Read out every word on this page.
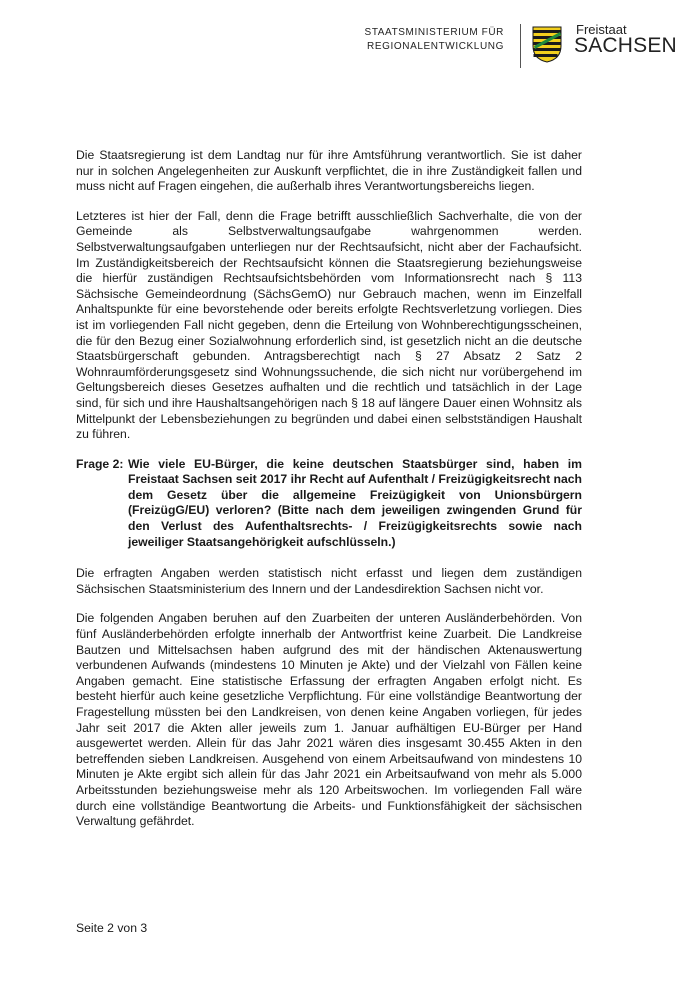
STAATSMINISTERIUM FÜR
REGIONALENTWICKLUNG
Freistaat
SACHSEN

Die Staatsregierung ist dem Landtag nur für ihre Amtsführung verantwortlich. Sie ist daher nur in solchen Angelegenheiten zur Auskunft verpflichtet, die in ihre Zuständigkeit fallen und muss nicht auf Fragen eingehen, die außerhalb ihres Verantwortungsbereichs liegen.

Letzteres ist hier der Fall, denn die Frage betrifft ausschließlich Sachverhalte, die von der Gemeinde als Selbstverwaltungsaufgabe wahrgenommen werden. Selbstverwaltungsaufgaben unterliegen nur der Rechtsaufsicht, nicht aber der Fachaufsicht. Im Zuständigkeitsbereich der Rechtsaufsicht können die Staatsregierung beziehungsweise die hierfür zuständigen Rechtsaufsichtsbehörden vom Informationsrecht nach § 113 Sächsische Gemeindeordnung (SächsGemO) nur Gebrauch machen, wenn im Einzelfall Anhaltspunkte für eine bevorstehende oder bereits erfolgte Rechtsverletzung vorliegen. Dies ist im vorliegenden Fall nicht gegeben, denn die Erteilung von Wohnberechtigungsscheinen, die für den Bezug einer Sozialwohnung erforderlich sind, ist gesetzlich nicht an die deutsche Staatsbürgerschaft gebunden. Antragsberechtigt nach § 27 Absatz 2 Satz 2 Wohnraumförderungsgesetz sind Wohnungssuchende, die sich nicht nur vorübergehend im Geltungsbereich dieses Gesetzes aufhalten und die rechtlich und tatsächlich in der Lage sind, für sich und ihre Haushaltsangehörigen nach § 18 auf längere Dauer einen Wohnsitz als Mittelpunkt der Lebensbeziehungen zu begründen und dabei einen selbstständigen Haushalt zu führen.

Frage 2: Wie viele EU-Bürger, die keine deutschen Staatsbürger sind, haben im Freistaat Sachsen seit 2017 ihr Recht auf Aufenthalt / Freizügigkeitsrecht nach dem Gesetz über die allgemeine Freizügigkeit von Unionsbürgern (FreizügG/EU) verloren? (Bitte nach dem jeweiligen zwingenden Grund für den Verlust des Aufenthaltsrechts- / Freizügigkeitsrechts sowie nach jeweiliger Staatsangehörigkeit aufschlüsseln.)

Die erfragten Angaben werden statistisch nicht erfasst und liegen dem zuständigen Sächsischen Staatsministerium des Innern und der Landesdirektion Sachsen nicht vor.

Die folgenden Angaben beruhen auf den Zuarbeiten der unteren Ausländerbehörden. Von fünf Ausländerbehörden erfolgte innerhalb der Antwortfrist keine Zuarbeit. Die Landkreise Bautzen und Mittelsachsen haben aufgrund des mit der händischen Aktenauswertung verbundenen Aufwands (mindestens 10 Minuten je Akte) und der Vielzahl von Fällen keine Angaben gemacht. Eine statistische Erfassung der erfragten Angaben erfolgt nicht. Es besteht hierfür auch keine gesetzliche Verpflichtung. Für eine vollständige Beantwortung der Fragestellung müssten bei den Landkreisen, von denen keine Angaben vorliegen, für jedes Jahr seit 2017 die Akten aller jeweils zum 1. Januar aufhältigen EU-Bürger per Hand ausgewertet werden. Allein für das Jahr 2021 wären dies insgesamt 30.455 Akten in den betreffenden sieben Landkreisen. Ausgehend von einem Arbeitsaufwand von mindestens 10 Minuten je Akte ergibt sich allein für das Jahr 2021 ein Arbeitsaufwand von mehr als 5.000 Arbeitsstunden beziehungsweise mehr als 120 Arbeitswochen. Im vorliegenden Fall wäre durch eine vollständige Beantwortung die Arbeits- und Funktionsfähigkeit der sächsischen Verwaltung gefährdet.

Seite 2 von 3
